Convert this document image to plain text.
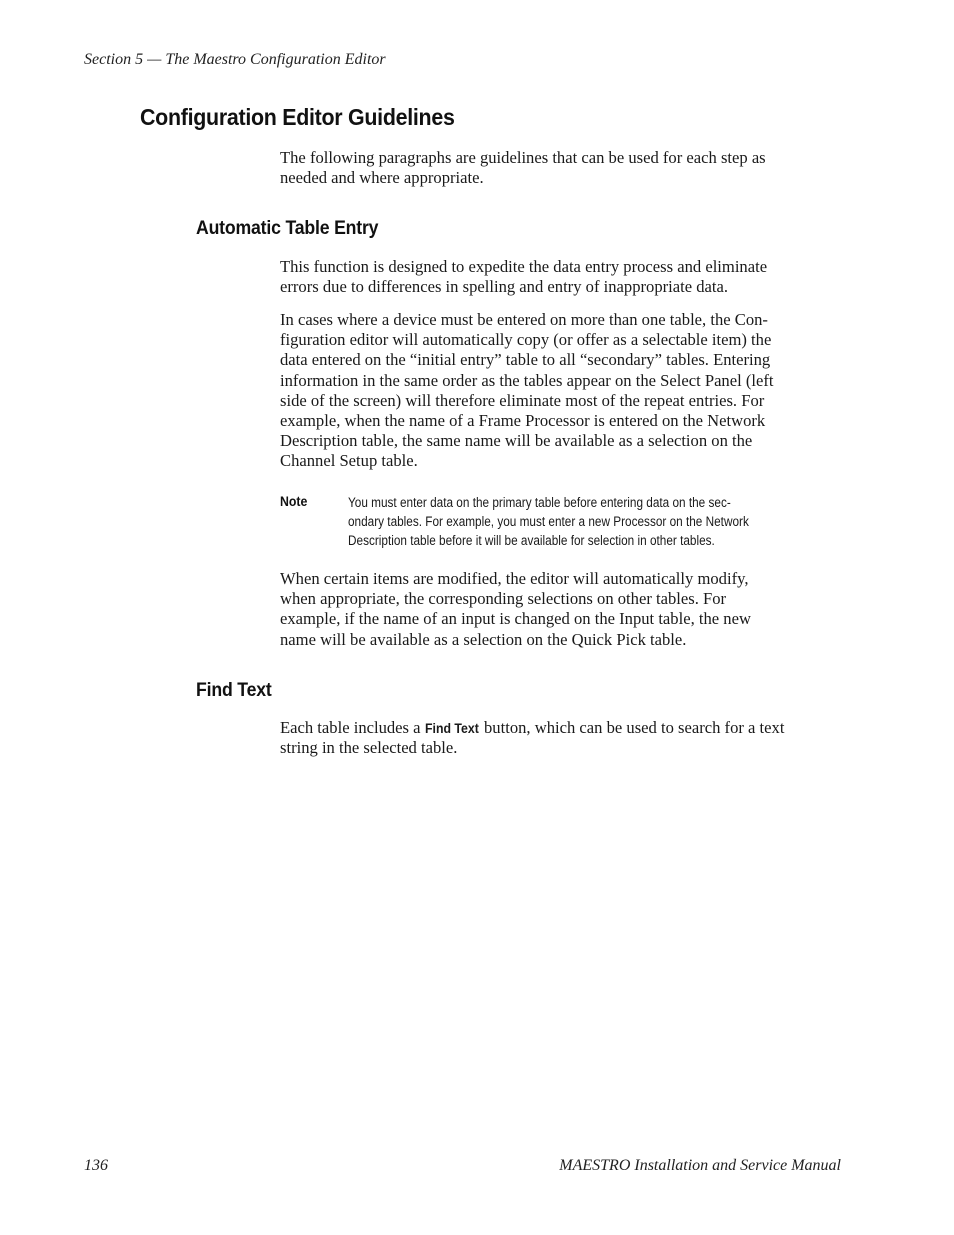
Section 5 — The Maestro Configuration Editor
Configuration Editor Guidelines

The following paragraphs are guidelines that can be used for each step as
needed and where appropriate.

Automatic Table Entry

This function is designed to expedite the data entry process and eliminate
errors due to differences in spelling and entry of inappropriate data.

In cases where a device must be entered on more than one table, the Con-
figuration editor will automatically copy (or offer as a selectable item) the
data entered on the “initial entry” table to all “secondary” tables. Entering
information in the same order as the tables appear on the Select Panel (left
side of the screen) will therefore eliminate most of the repeat entries. For
example, when the name of a Frame Processor is entered on the Network
Description table, the same name will be available as a selection on the
Channel Setup table.

Note	You must enter data on the primary table before entering data on the sec-
ondary tables. For example, you must enter a new Processor on the Network
Description table before it will be available for selection in other tables.

When certain items are modified, the editor will automatically modify,
when appropriate, the corresponding selections on other tables. For
example, if the name of an input is changed on the Input table, the new
name will be available as a selection on the Quick Pick table.

Find Text

Each table includes a Find Text button, which can be used to search for a text
string in the selected table.

136	MAESTRO Installation and Service Manual
